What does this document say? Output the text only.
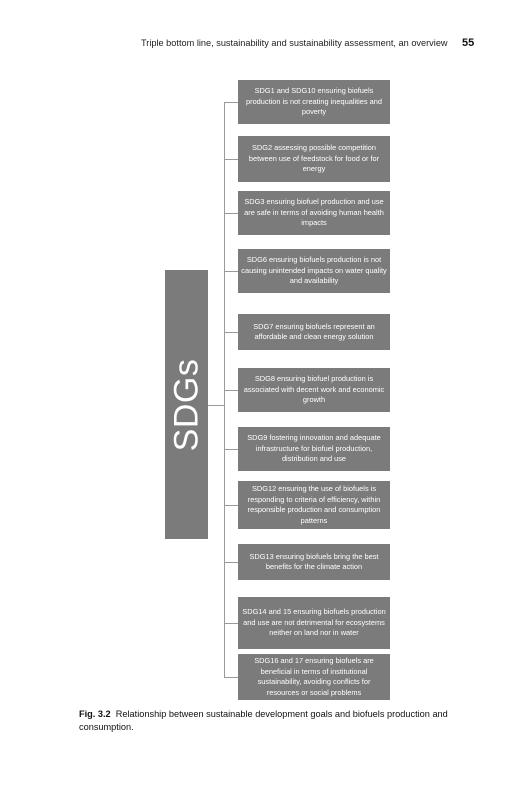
Triple bottom line, sustainability and sustainability assessment, an overview 55
SDGs
SDG1 and SDG10 ensuring biofuels production is not creating inequalities and poverty
SDG2 assessing possible competition between use of feedstock for food or for energy
SDG3 ensuring biofuel production and use are safe in terms of avoiding human health impacts
SDG6 ensuring biofuels production is not causing unintended impacts on water quality and availability
SDG7 ensuring biofuels represent an affordable and clean energy solution
SDG8 ensuring biofuel production is associated with decent work and economic growth
SDG9 fostering innovation and adequate infrastructure for biofuel production, distribution and use
SDG12 ensuring the use of biofuels is responding to criteria of efficiency, within responsible production and consumption patterns
SDG13 ensuring biofuels bring the best benefits for the climate action
SDG14 and 15 ensuring biofuels production and use are not detrimental for ecosystems neither on land nor in water
SDG16 and 17 ensuring biofuels are beneficial in terms of institutional sustainability, avoiding conflicts for resources or social problems
Fig. 3.2 Relationship between sustainable development goals and biofuels production and consumption.
